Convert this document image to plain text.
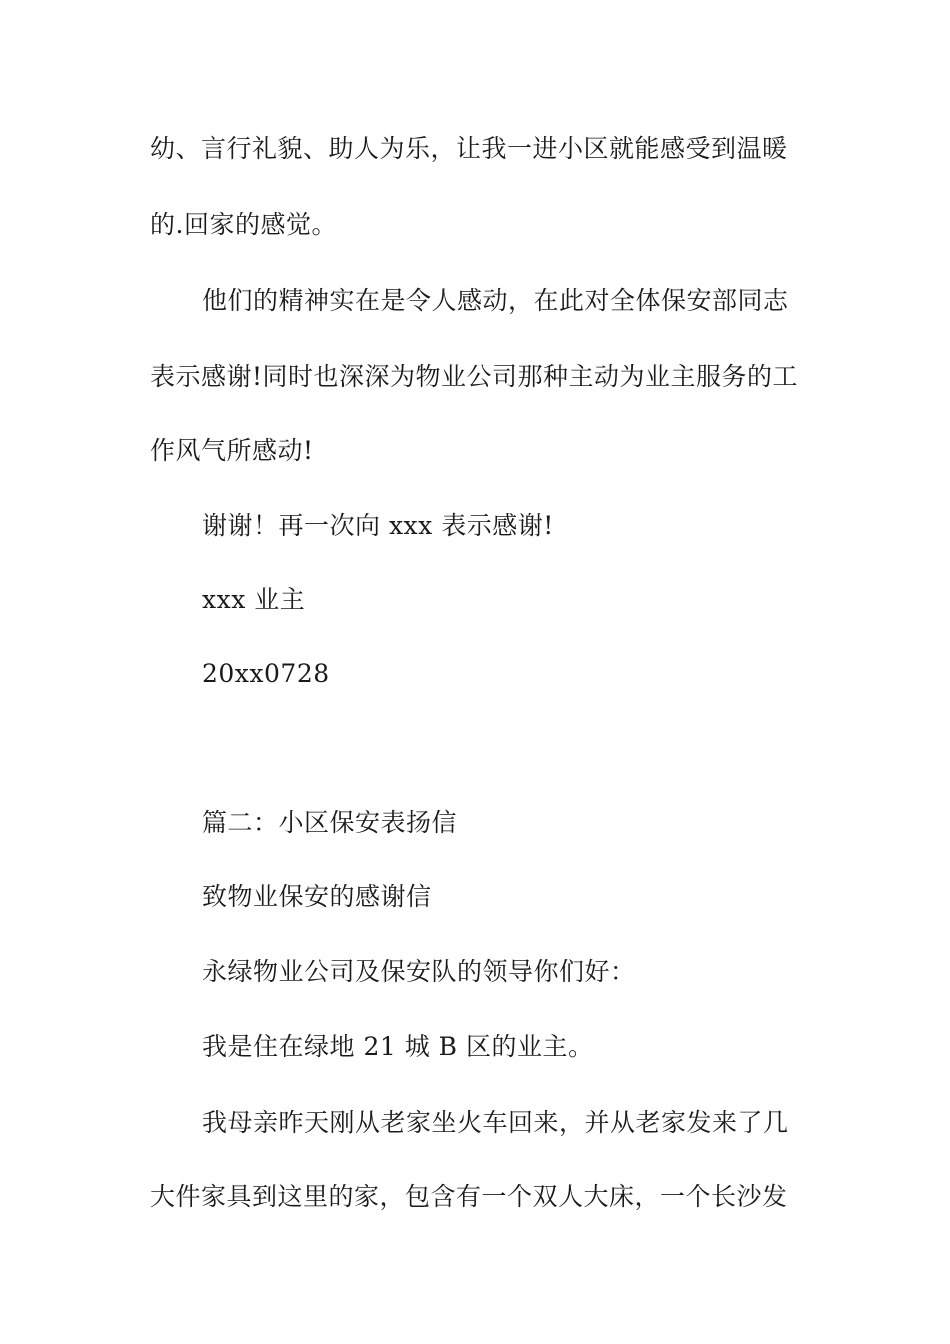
幼、言行礼貌、助人为乐，让我一进小区就能感受到温暖
的.回家的感觉。
他们的精神实在是令人感动，在此对全体保安部同志
表示感谢!同时也深深为物业公司那种主动为业主服务的工
作风气所感动!
谢谢！再一次向 xxx 表示感谢!
xxx 业主
20xx0728
篇二：小区保安表扬信
致物业保安的感谢信
永绿物业公司及保安队的领导你们好：
我是住在绿地 21 城 B 区的业主。
我母亲昨天刚从老家坐火车回来，并从老家发来了几
大件家具到这里的家，包含有一个双人大床，一个长沙发
